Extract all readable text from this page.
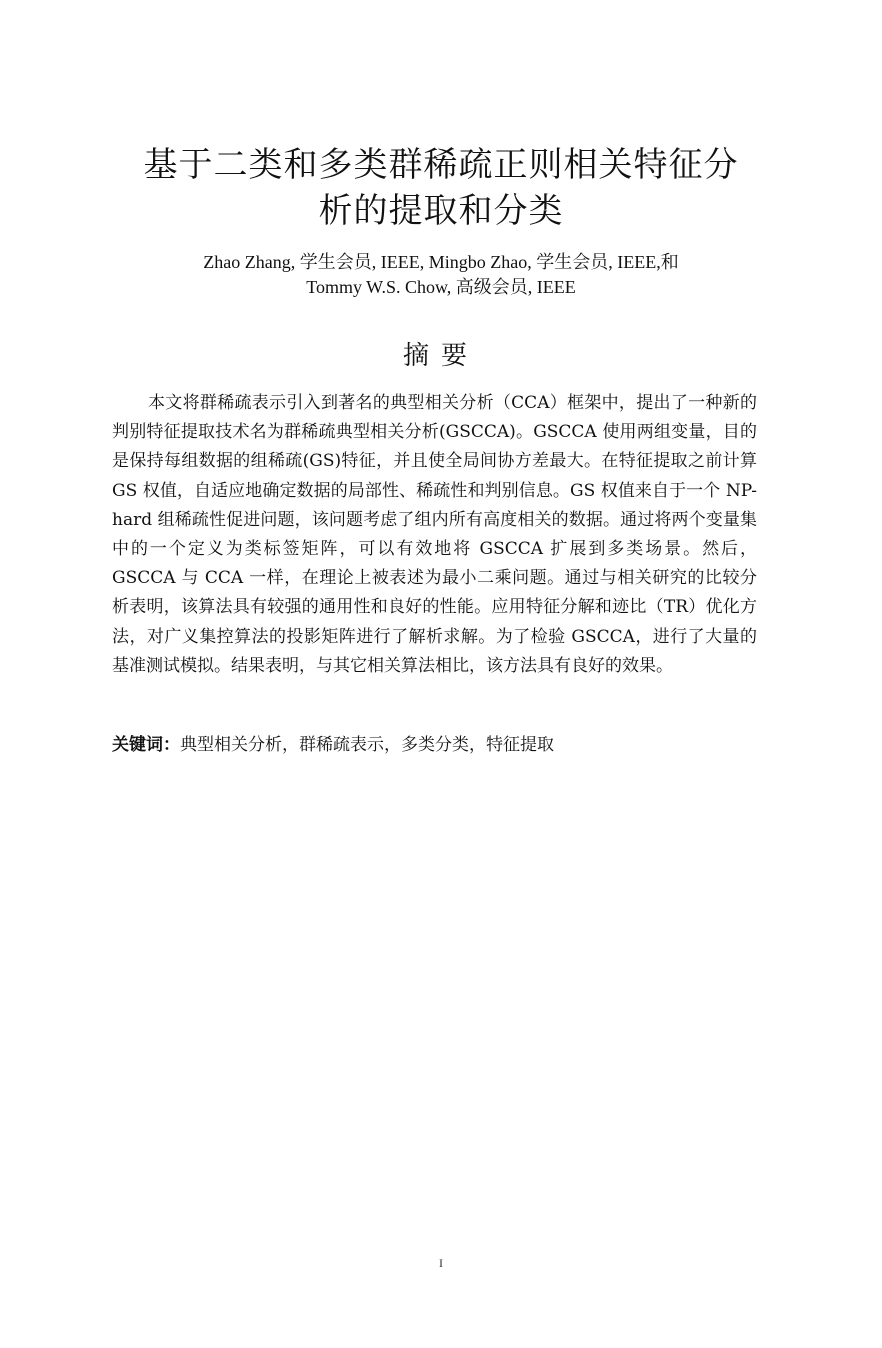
基于二类和多类群稀疏正则相关特征分
析的提取和分类
Zhao Zhang, 学生会员, IEEE, Mingbo Zhao, 学生会员, IEEE,和
Tommy W.S. Chow, 高级会员, IEEE
摘要

本文将群稀疏表示引入到著名的典型相关分析（CCA）框架中，提出了一种新的判别特征提取技术名为群稀疏典型相关分析(GSCCA)。GSCCA 使用两组变量，目的是保持每组数据的组稀疏(GS)特征，并且使全局间协方差最大。在特征提取之前计算 GS 权值，自适应地确定数据的局部性、稀疏性和判别信息。GS 权值来自于一个 NP-hard 组稀疏性促进问题，该问题考虑了组内所有高度相关的数据。通过将两个变量集中的一个定义为类标签矩阵，可以有效地将 GSCCA 扩展到多类场景。然后，GSCCA 与 CCA 一样，在理论上被表述为最小二乘问题。通过与相关研究的比较分析表明，该算法具有较强的通用性和良好的性能。应用特征分解和迹比（TR）优化方法，对广义集控算法的投影矩阵进行了解析求解。为了检验 GSCCA，进行了大量的基准测试模拟。结果表明，与其它相关算法相比，该方法具有良好的效果。

关键词：典型相关分析，群稀疏表示，多类分类，特征提取
I
